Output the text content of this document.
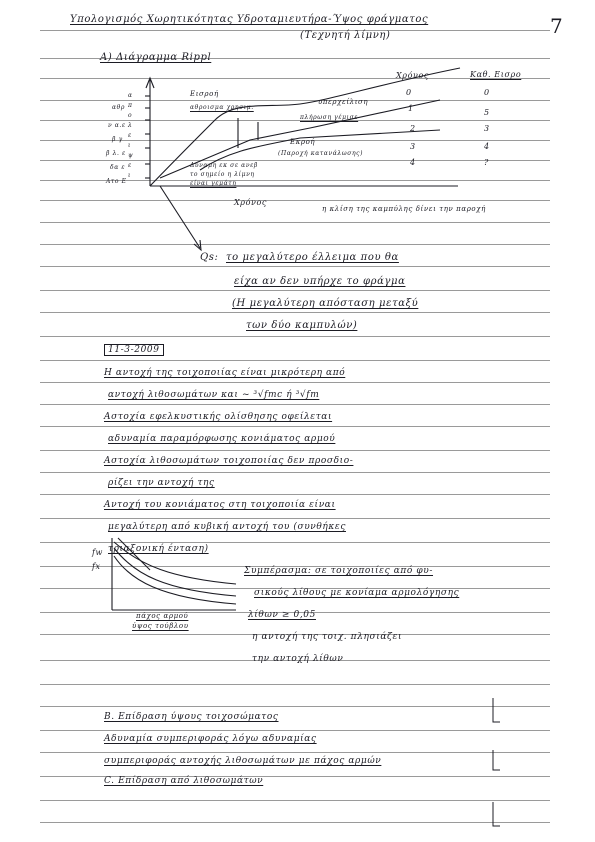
7
Υπολογισμός Χωρητικότητας Υδροταμιευτήρα-Ύψος φράγματος
(Τεχνητή λίμνη)
A) Διάγραμμα Rippl
Χρόνος	Καθ. Εισρο
Εισροή
αθροισμα χρησιμ.
υπερχείλιση
πλήρωση γέμισε
Εκροή
(Παροχή κατανάλωσης)
Δύναμη εκ σε ανεβ
το σημείο η λίμνη
είναι γεμάτη
α
π
ο
λ
ε
ι
ψ
ε
ι
αθρ
ν α.ε
β γ
β λ. ε
δα ε
Ατο Ε
0
1
2
3
4
0
5
3
4
?
Χρόνος
η κλίση της καμπύλης δίνει την παροχή
Qs: το μεγαλύτερο έλλειμα που θα
είχα αν δεν υπήρχε το φράγμα
(Η μεγαλύτερη απόσταση μεταξύ
των δύο καμπυλών)
11-3-2009
Η αντοχή της τοιχοποιίας είναι μικρότερη από
αντοχή λιθοσωμάτων και ~ ³√fmc ή ³√fm
Αστοχία εφελκυστικής ολίσθησης οφείλεται
αδυναμία παραμόρφωσης κονιάματος αρμού
Αστοχία λιθοσωμάτων τοιχοποιίας δεν προσδιο-
ρίζει την αντοχή της
Αντοχή του κονιάματος στη τοιχοποιία είναι
μεγαλύτερη από κυβική αντοχή του (συνθήκες
τριαξονική ένταση)
fw
fx
πάχος αρμού
ύψος τούβλου
Συμπέρασμα: σε τοιχοποιίες από φυ-
σικούς λίθους με κονίαμα αρμολόγησης
λίθων ≥ 0,05
η αντοχή της τοιχ. πλησιάζει
την αντοχή λίθων
B. Επίδραση ύψους τοιχοσώματος
Αδυναμία συμπεριφοράς λόγω αδυναμίας
συμπεριφοράς αντοχής λιθοσωμάτων με πάχος αρμών
C. Επίδραση από λιθοσωμάτων
